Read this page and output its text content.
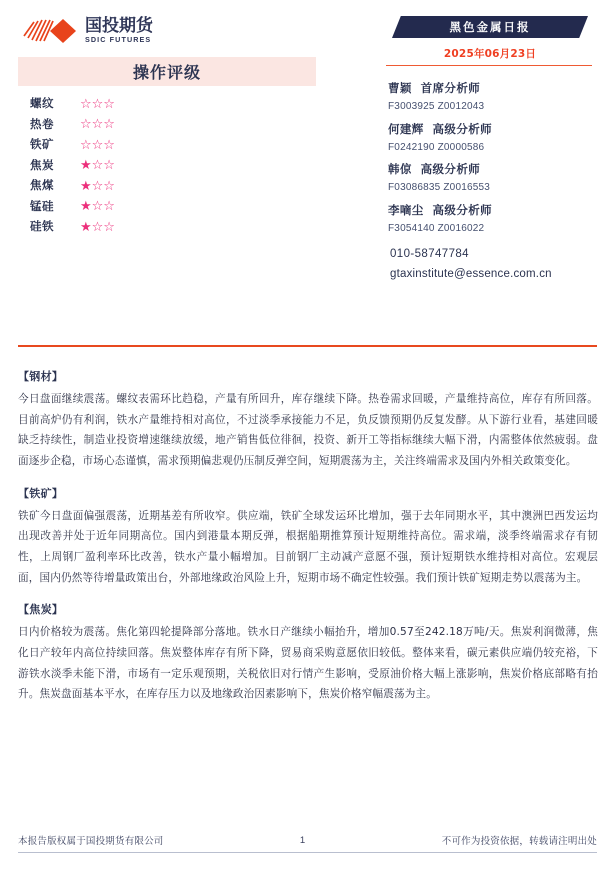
国投期货
SDIC FUTURES
操作评级
螺纹	☆☆☆
热卷	☆☆☆
铁矿	☆☆☆
焦炭	★☆☆
焦煤	★☆☆
锰硅	★☆☆
硅铁	★☆☆
黑色金属日报
2025年06月23日
曹颖 首席分析师
F3003925 Z0012043
何建辉 高级分析师
F0242190 Z0000586
韩倞 高级分析师
F03086835 Z0016553
李嘀尘 高级分析师
F3054140 Z0016022
010-58747784
gtaxinstitute@essence.com.cn
【钢材】
今日盘面继续震荡。螺纹表需环比趋稳，产量有所回升，库存继续下降。热卷需求回暖，产量维持高位，库存有所回落。目前高炉仍有利润，铁水产量维持相对高位，不过淡季承接能力不足，负反馈预期仍反复发酵。从下游行业看，基建回暖缺乏持续性，制造业投资增速继续放缓，地产销售低位徘徊，投资、新开工等指标继续大幅下滑，内需整体依然疲弱。盘面逐步企稳，市场心态谨慎，需求预期偏悲观仍压制反弹空间，短期震荡为主，关注终端需求及国内外相关政策变化。
【铁矿】
铁矿今日盘面偏强震荡，近期基差有所收窄。供应端，铁矿全球发运环比增加，强于去年同期水平，其中澳洲巴西发运均出现改善并处于近年同期高位。国内到港量本期反弹，根据船期推算预计短期维持高位。需求端，淡季终端需求存有韧性，上周钢厂盈利率环比改善，铁水产量小幅增加。目前钢厂主动减产意愿不强，预计短期铁水维持相对高位。宏观层面，国内仍然等待增量政策出台，外部地缘政治风险上升，短期市场不确定性较强。我们预计铁矿短期走势以震荡为主。
【焦炭】
日内价格较为震荡。焦化第四轮提降部分落地。铁水日产继续小幅抬升，增加0.57至242.18万吨/天。焦炭利润微薄，焦化日产较年内高位持续回落。焦炭整体库存有所下降，贸易商采购意愿依旧较低。整体来看，碳元素供应端仍较充裕，下游铁水淡季未能下滑，市场有一定乐观预期，关税依旧对行情产生影响，受原油价格大幅上涨影响，焦炭价格底部略有抬升。焦炭盘面基本平水，在库存压力以及地缘政治因素影响下，焦炭价格窄幅震荡为主。
本报告版权属于国投期货有限公司	1	不可作为投资依据，转载请注明出处
